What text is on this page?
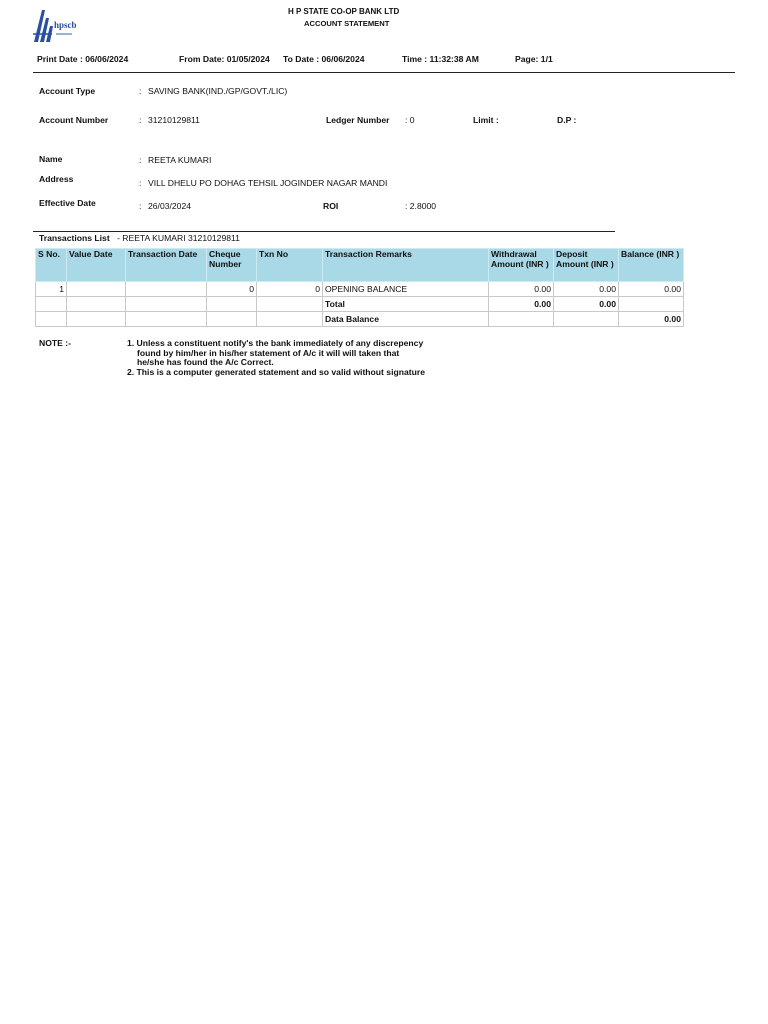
hpscb
H P STATE CO-OP BANK LTD
ACCOUNT STATEMENT
Print Date : 06/06/2024	From Date: 01/05/2024 To Date : 06/06/2024	Time : 11:32:38 AM	Page: 1/1
Account Type	: SAVING BANK(IND./GP/GOVT./LIC)
Account Number	: 31210129811	Ledger Number : 0	Limit :	D.P :
Name	: REETA KUMARI
Address	: VILL DHELU PO DOHAG TEHSIL JOGINDER NAGAR MANDI
Effective Date	: 26/03/2024	ROI	: 2.8000
Transactions List - REETA KUMARI 31210129811
S No.	Value Date	Transaction Date	Cheque Number	Txn No	Transaction Remarks	Withdrawal Amount (INR )	Deposit Amount (INR )	Balance (INR )
1			0	0	OPENING BALANCE	0.00	0.00	0.00
					Total	0.00	0.00	
					Data Balance			0.00
NOTE :-	1. Unless a constituent notify's the bank immediately of any discrepency
found by him/her in his/her statement of A/c it will will taken that
he/she has found the A/c Correct.
2. This is a computer generated statement and so valid without signature
